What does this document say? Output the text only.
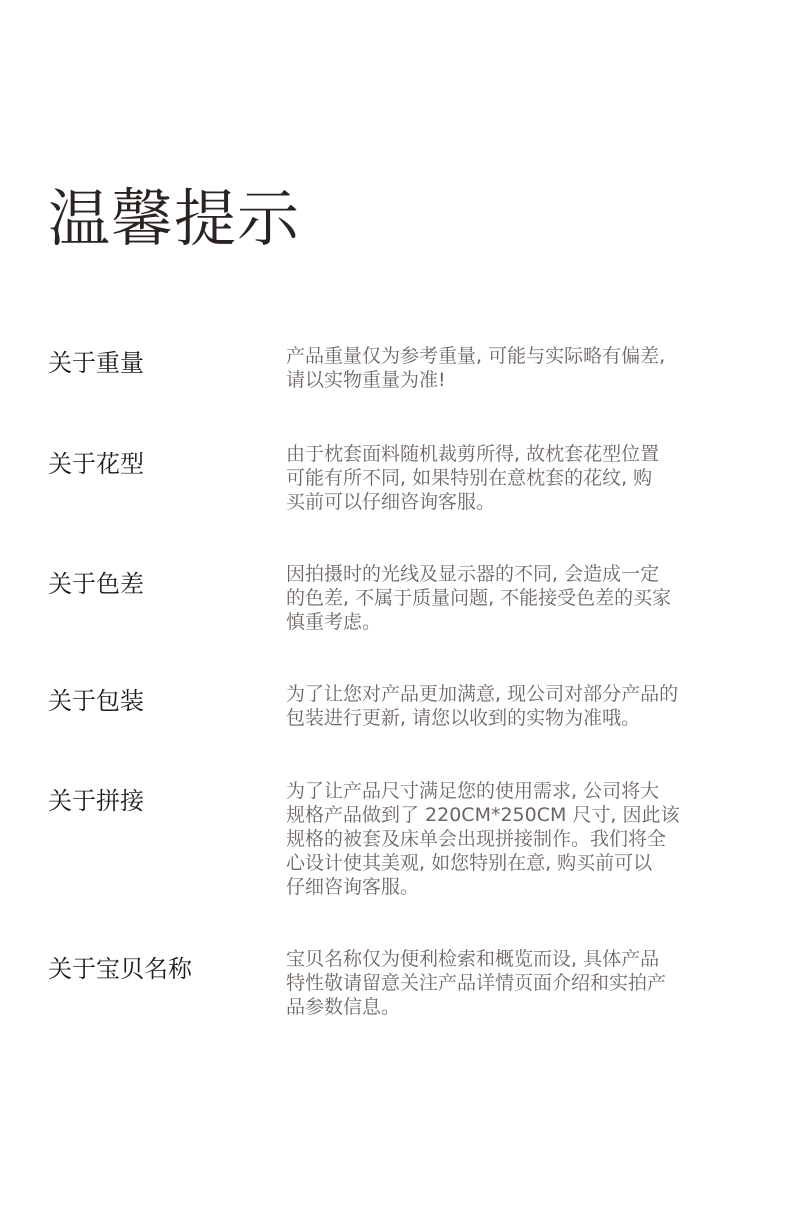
温馨提示
关于重量	产品重量仅为参考重量, 可能与实际略有偏差,
请以实物重量为准!
关于花型	由于枕套面料随机裁剪所得, 故枕套花型位置
可能有所不同, 如果特别在意枕套的花纹, 购
买前可以仔细咨询客服。
关于色差	因拍摄时的光线及显示器的不同, 会造成一定
的色差, 不属于质量问题, 不能接受色差的买家
慎重考虑。
关于包装	为了让您对产品更加满意, 现公司对部分产品的
包装进行更新, 请您以收到的实物为准哦。
关于拼接	为了让产品尺寸满足您的使用需求, 公司将大
规格产品做到了 220CM*250CM 尺寸, 因此该
规格的被套及床单会出现拼接制作。我们将全
心设计使其美观, 如您特别在意, 购买前可以
仔细咨询客服。
关于宝贝名称	宝贝名称仅为便利检索和概览而设, 具体产品
特性敬请留意关注产品详情页面介绍和实拍产
品参数信息。
